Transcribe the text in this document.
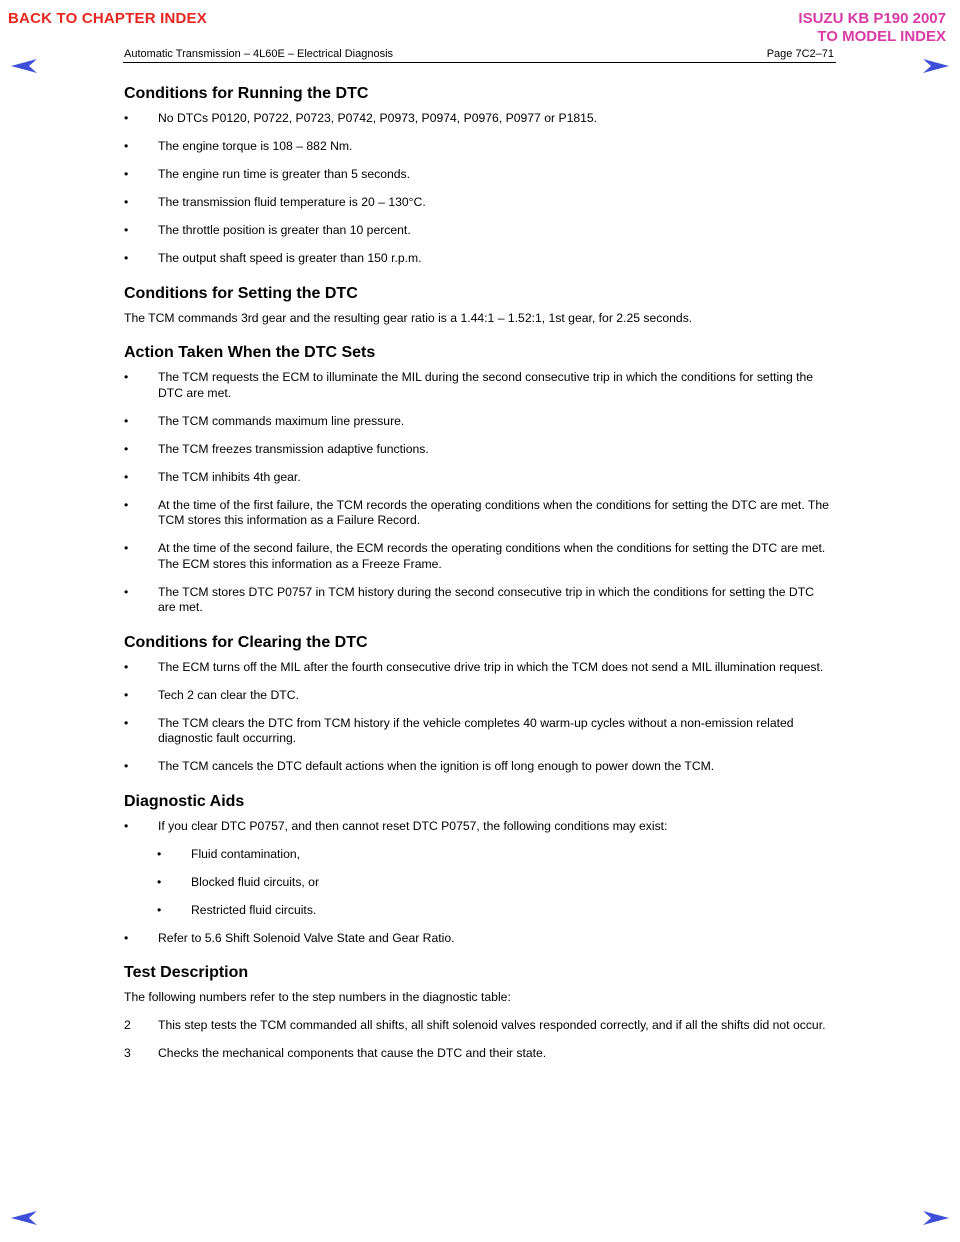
BACK TO CHAPTER INDEX	ISUZU KB P190 2007
TO MODEL INDEX
Automatic Transmission – 4L60E – Electrical Diagnosis	Page 7C2–71
Conditions for Running the DTC
• No DTCs P0120, P0722, P0723, P0742, P0973, P0974, P0976, P0977 or P1815.
• The engine torque is 108 – 882 Nm.
• The engine run time is greater than 5 seconds.
• The transmission fluid temperature is 20 – 130°C.
• The throttle position is greater than 10 percent.
• The output shaft speed is greater than 150 r.p.m.
Conditions for Setting the DTC
The TCM commands 3rd gear and the resulting gear ratio is a 1.44:1 – 1.52:1, 1st gear, for 2.25 seconds.
Action Taken When the DTC Sets
• The TCM requests the ECM to illuminate the MIL during the second consecutive trip in which the conditions for setting the DTC are met.
• The TCM commands maximum line pressure.
• The TCM freezes transmission adaptive functions.
• The TCM inhibits 4th gear.
• At the time of the first failure, the TCM records the operating conditions when the conditions for setting the DTC are met. The TCM stores this information as a Failure Record.
• At the time of the second failure, the ECM records the operating conditions when the conditions for setting the DTC are met. The ECM stores this information as a Freeze Frame.
• The TCM stores DTC P0757 in TCM history during the second consecutive trip in which the conditions for setting the DTC are met.
Conditions for Clearing the DTC
• The ECM turns off the MIL after the fourth consecutive drive trip in which the TCM does not send a MIL illumination request.
• Tech 2 can clear the DTC.
• The TCM clears the DTC from TCM history if the vehicle completes 40 warm-up cycles without a non-emission related diagnostic fault occurring.
• The TCM cancels the DTC default actions when the ignition is off long enough to power down the TCM.
Diagnostic Aids
• If you clear DTC P0757, and then cannot reset DTC P0757, the following conditions may exist:
• Fluid contamination,
• Blocked fluid circuits, or
• Restricted fluid circuits.
• Refer to 5.6 Shift Solenoid Valve State and Gear Ratio.
Test Description
The following numbers refer to the step numbers in the diagnostic table:
2 This step tests the TCM commanded all shifts, all shift solenoid valves responded correctly, and if all the shifts did not occur.
3 Checks the mechanical components that cause the DTC and their state.
